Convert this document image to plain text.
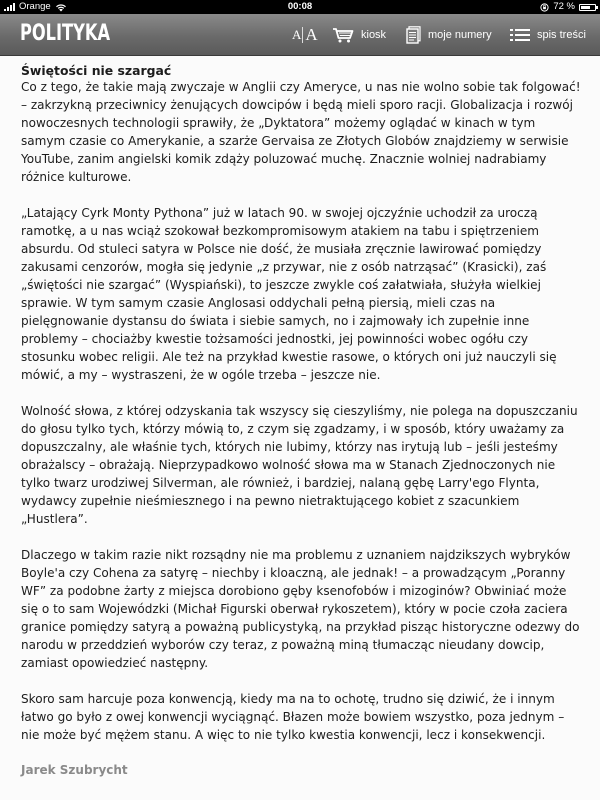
Orange	00:08	72 %
POLITYKA	A A	kiosk	moje numery	spis treści
Świętości nie szargać

Co z tego, że takie mają zwyczaje w Anglii czy Ameryce, u nas nie wolno sobie tak folgować! – zakrzykną przeciwnicy żenujących dowcipów i będą mieli sporo racji. Globalizacja i rozwój nowoczesnych technologii sprawiły, że „Dyktatora” możemy oglądać w kinach w tym samym czasie co Amerykanie, a szarże Gervaisa ze Złotych Globów znajdziemy w serwisie YouTube, zanim angielski komik zdąży poluzować muchę. Znacznie wolniej nadrabiamy różnice kulturowe.

„Latający Cyrk Monty Pythona” już w latach 90. w swojej ojczyźnie uchodził za uroczą ramotkę, a u nas wciąż szokował bezkompromisowym atakiem na tabu i spiętrzeniem absurdu. Od stuleci satyra w Polsce nie dość, że musiała zręcznie lawirować pomiędzy zakusami cenzorów, mogła się jedynie „z przywar, nie z osób natrząsać” (Krasicki), zaś „świętości nie szargać” (Wyspiański), to jeszcze zwykle coś załatwiała, służyła wielkiej sprawie. W tym samym czasie Anglosasi oddychali pełną piersią, mieli czas na pielęgnowanie dystansu do świata i siebie samych, no i zajmowały ich zupełnie inne problemy – chociażby kwestie tożsamości jednostki, jej powinności wobec ogółu czy stosunku wobec religii. Ale też na przykład kwestie rasowe, o których oni już nauczyli się mówić, a my – wystraszeni, że w ogóle trzeba – jeszcze nie.

Wolność słowa, z której odzyskania tak wszyscy się cieszyliśmy, nie polega na dopuszczaniu do głosu tylko tych, którzy mówią to, z czym się zgadzamy, i w sposób, który uważamy za dopuszczalny, ale właśnie tych, których nie lubimy, którzy nas irytują lub – jeśli jesteśmy obrażalscy – obrażają. Nieprzypadkowo wolność słowa ma w Stanach Zjednoczonych nie tylko twarz urodziwej Silverman, ale również, i bardziej, nalaną gębę Larry'ego Flynta, wydawcy zupełnie nieśmiesznego i na pewno nietraktującego kobiet z szacunkiem „Hustlera”.

Dlaczego w takim razie nikt rozsądny nie ma problemu z uznaniem najdzikszych wybryków Boyle'a czy Cohena za satyrę – niechby i kloaczną, ale jednak! – a prowadzącym „Poranny WF” za podobne żarty z miejsca dorobiono gęby ksenofobów i mizoginów? Obwiniać może się o to sam Wojewódzki (Michał Figurski oberwał rykoszetem), który w pocie czoła zaciera granice pomiędzy satyrą a poważną publicystyką, na przykład pisząc historyczne odezwy do narodu w przeddzień wyborów czy teraz, z poważną miną tłumacząc nieudany dowcip, zamiast opowiedzieć następny.

Skoro sam harcuje poza konwencją, kiedy ma na to ochotę, trudno się dziwić, że i innym łatwo go było z owej konwencji wyciągnąć. Błazen może bowiem wszystko, poza jednym – nie może być mężem stanu. A więc to nie tylko kwestia konwencji, lecz i konsekwencji.

Jarek Szubrycht
